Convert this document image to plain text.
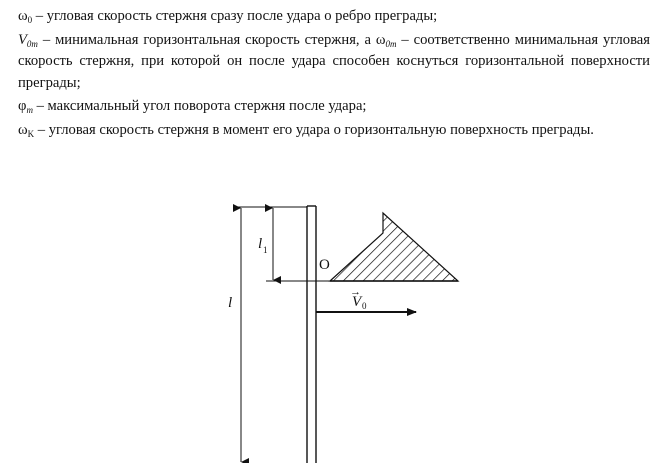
$\omega_0$ – угловая скорость стержня сразу после удара о ребро преграды;

$V_{0m}$ – минимальная горизонтальная скорость стержня, а $\omega_{0m}$ – соответственно минимальная угловая скорость стержня, при которой он после удара способен коснуться горизонтальной поверхности преграды;

$\varphi_m$ – максимальный угол поворота стержня после удара;

$\omega_K$ – угловая скорость стержня в момент его удара о горизонтальную поверхность преграды.

l 1
l
O
V 0
→
